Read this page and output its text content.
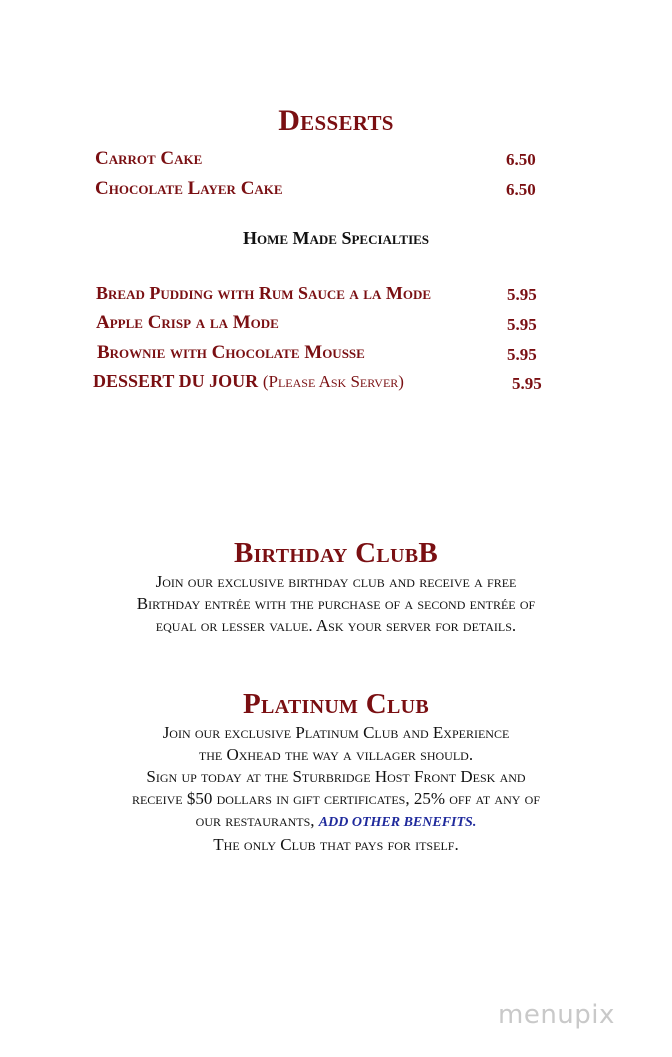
Desserts
Carrot Cake	6.50
Chocolate Layer Cake	6.50
Home Made Specialties
Bread Pudding with Rum Sauce a la Mode	5.95
Apple Crisp a la Mode	5.95
Brownie with Chocolate Mousse	5.95
DESSERT DU JOUR (Please Ask Server)	5.95
Birthday ClubB
Join our exclusive birthday club and receive a free
Birthday entrée with the purchase of a second entrée of
equal or lesser value. Ask your server for details.
Platinum Club
Join our exclusive Platinum Club and Experience
the Oxhead the way a villager should.
Sign up today at the Sturbridge Host Front Desk and
receive $50 dollars in gift certificates, 25% off at any of
our restaurants, ADD OTHER BENEFITS.
The only Club that pays for itself.
menupix
